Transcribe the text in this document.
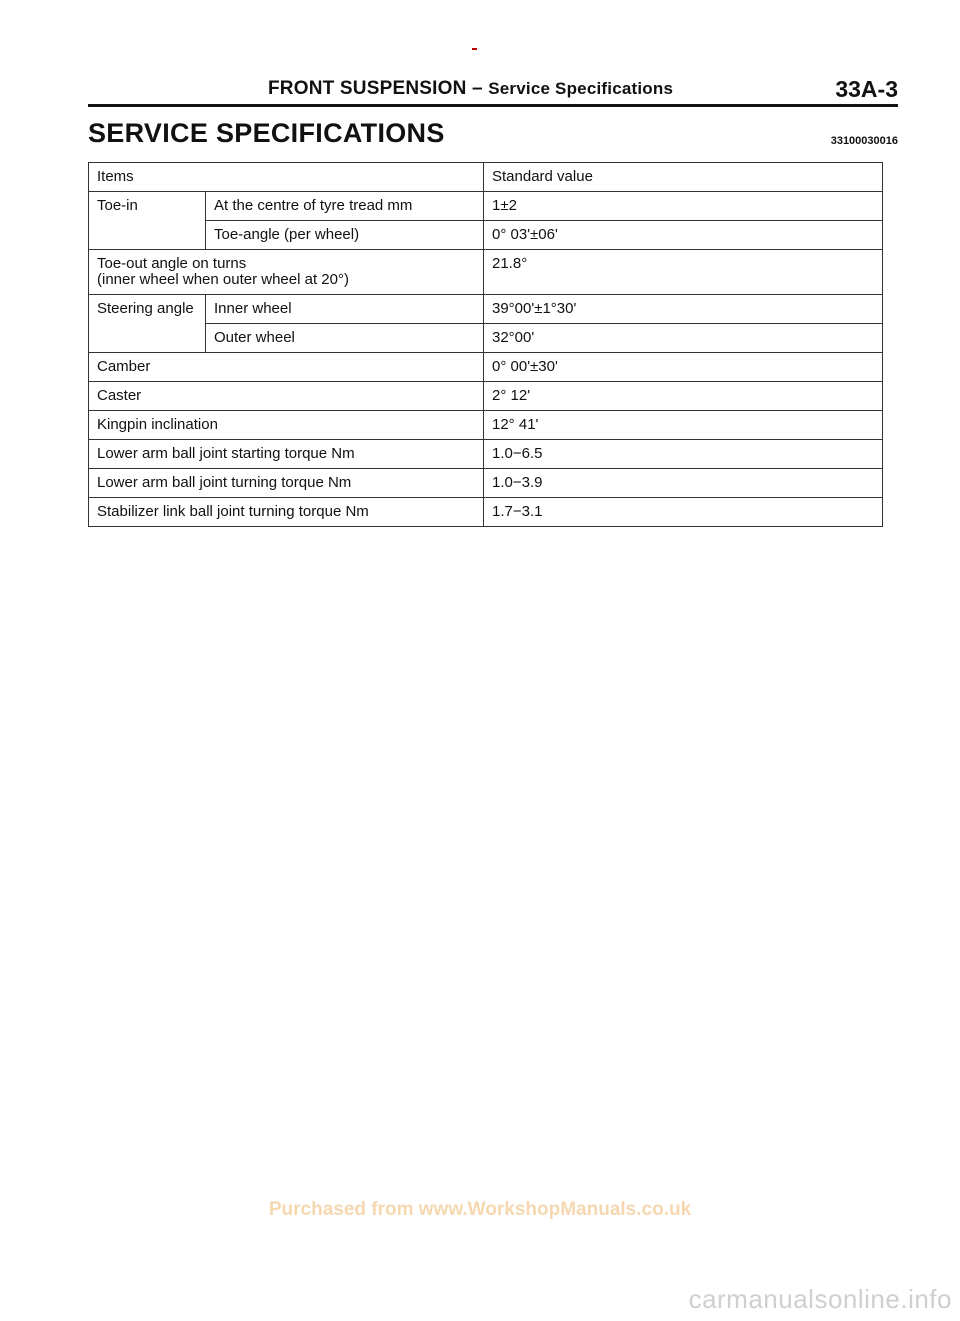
FRONT SUSPENSION – Service Specifications	33A-3
SERVICE SPECIFICATIONS	33100030016
Items		Standard value
Toe-in	At the centre of tyre tread mm	1±2
	Toe-angle (per wheel)	0° 03'±06'

Toe-out angle on turns
(inner wheel when outer wheel at 20°)		21.8°
Steering angle	Inner wheel	39°00'±1°30'
	Outer wheel	32°00'
Camber		0° 00'±30'
Caster		2° 12'
Kingpin inclination		12° 41'
Lower arm ball joint starting torque Nm		1.0−6.5
Lower arm ball joint turning torque Nm		1.0−3.9
Stabilizer link ball joint turning torque Nm		1.7−3.1
Purchased from www.WorkshopManuals.co.uk
carmanualsonline.info
